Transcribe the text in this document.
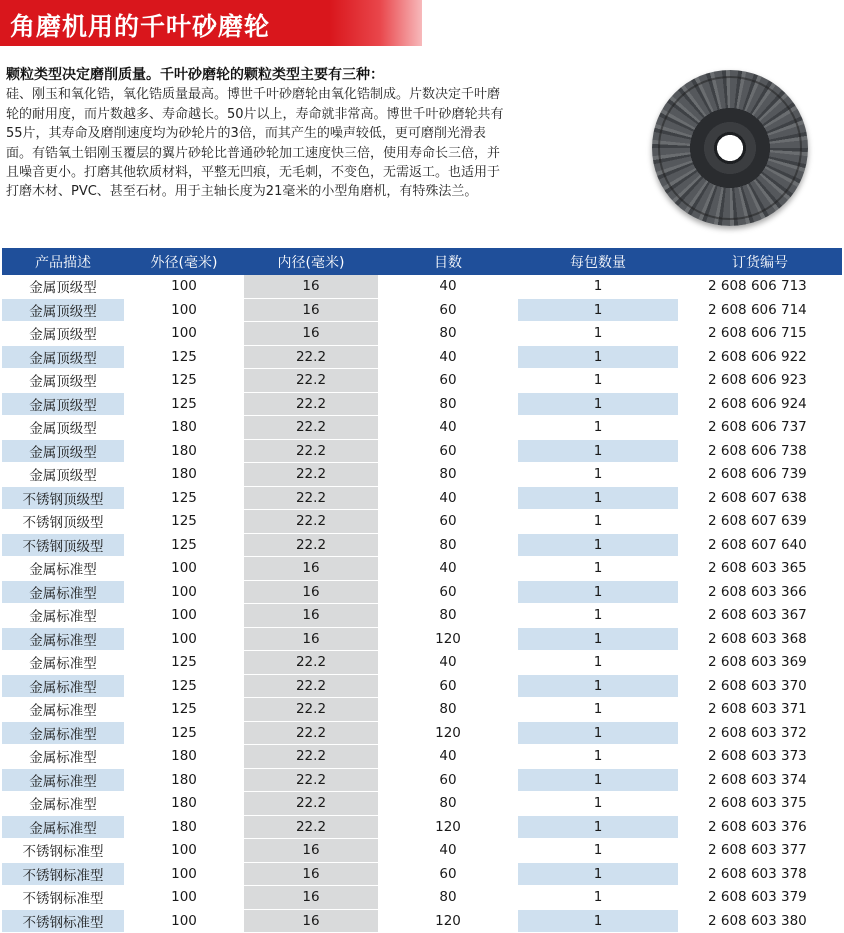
角磨机用的千叶砂磨轮
颗粒类型决定磨削质量。千叶砂磨轮的颗粒类型主要有三种：
硅、刚玉和氧化锆，氧化锆质量最高。博世千叶砂磨轮由氧化锆制成。片数决定千叶磨轮的耐用度，而片数越多、寿命越长。50片以上，寿命就非常高。博世千叶砂磨轮共有55片，其寿命及磨削速度均为砂轮片的3倍，而其产生的噪声较低，更可磨削光滑表面。有锆氧土铝刚玉覆层的翼片砂轮比普通砂轮加工速度快三倍，使用寿命长三倍，并且噪音更小。打磨其他软质材料，平整无凹痕，无毛刺，不变色，无需返工。也适用于打磨木材、PVC、甚至石材。用于主轴长度为21毫米的小型角磨机，有特殊法兰。
产品描述	外径(毫米)	内径(毫米)	目数	每包数量	订货编号
金属顶级型	100	16	40	1	2 608 606 713
金属顶级型	100	16	60	1	2 608 606 714
金属顶级型	100	16	80	1	2 608 606 715
金属顶级型	125	22.2	40	1	2 608 606 922
金属顶级型	125	22.2	60	1	2 608 606 923
金属顶级型	125	22.2	80	1	2 608 606 924
金属顶级型	180	22.2	40	1	2 608 606 737
金属顶级型	180	22.2	60	1	2 608 606 738
金属顶级型	180	22.2	80	1	2 608 606 739
不锈钢顶级型	125	22.2	40	1	2 608 607 638
不锈钢顶级型	125	22.2	60	1	2 608 607 639
不锈钢顶级型	125	22.2	80	1	2 608 607 640
金属标准型	100	16	40	1	2 608 603 365
金属标准型	100	16	60	1	2 608 603 366
金属标准型	100	16	80	1	2 608 603 367
金属标准型	100	16	120	1	2 608 603 368
金属标准型	125	22.2	40	1	2 608 603 369
金属标准型	125	22.2	60	1	2 608 603 370
金属标准型	125	22.2	80	1	2 608 603 371
金属标准型	125	22.2	120	1	2 608 603 372
金属标准型	180	22.2	40	1	2 608 603 373
金属标准型	180	22.2	60	1	2 608 603 374
金属标准型	180	22.2	80	1	2 608 603 375
金属标准型	180	22.2	120	1	2 608 603 376
不锈钢标准型	100	16	40	1	2 608 603 377
不锈钢标准型	100	16	60	1	2 608 603 378
不锈钢标准型	100	16	80	1	2 608 603 379
不锈钢标准型	100	16	120	1	2 608 603 380
